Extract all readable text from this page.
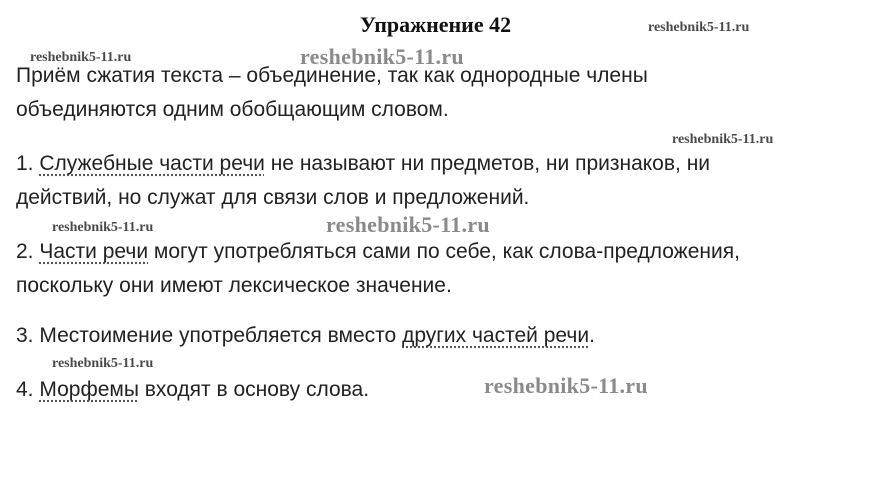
Упражнение 42	reshebnik5-11.ru
reshebnik5-11.ru	reshebnik5-11.ru
reshebnik5-11.ru
reshebnik5-11.ru	reshebnik5-11.ru
reshebnik5-11.ru
reshebnik5-11.ru
Приём сжатия текста – объединение, так как однородные члены
объединяются одним обобщающим словом.
1. Служебные части речи не называют ни предметов, ни признаков, ни
действий, но служат для связи слов и предложений.
2. Части речи могут употребляться сами по себе, как слова-предложения,
поскольку они имеют лексическое значение.
3. Местоимение употребляется вместо других частей речи.
4. Морфемы входят в основу слова.
